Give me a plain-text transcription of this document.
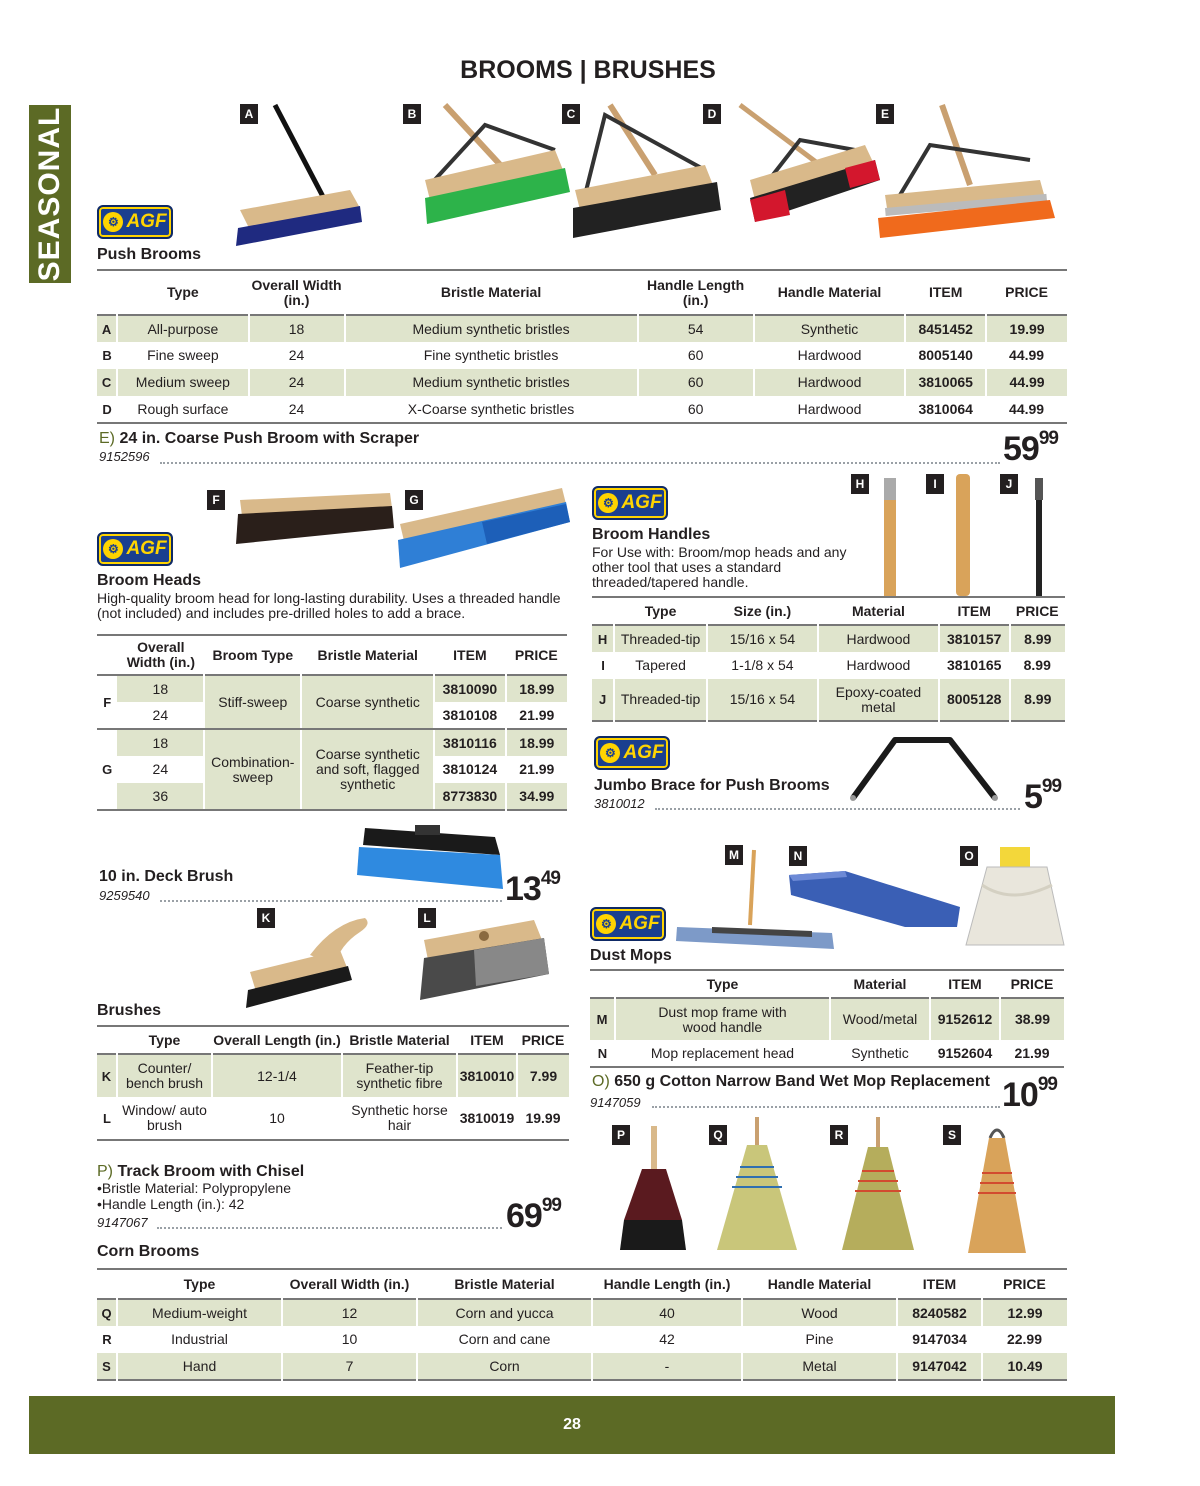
SEASONAL
BROOMS | BRUSHES
A	B	C	D	E
⚙ AGF
Push Brooms
	Type	Overall Width (in.)	Bristle Material	Handle Length (in.)	Handle Material	ITEM	PRICE
A	All-purpose	18	Medium synthetic bristles	54	Synthetic	8451452	19.99
B	Fine sweep	24	Fine synthetic bristles	60	Hardwood	8005140	44.99
C	Medium sweep	24	Medium synthetic bristles	60	Hardwood	3810065	44.99
D	Rough surface	24	X-Coarse synthetic bristles	60	Hardwood	3810064	44.99
E) 24 in. Coarse Push Broom with Scraper
9152596	$59^{99}$
F	G
⚙ AGF
Broom Heads
High-quality broom head for long-lasting durability. Uses a threaded handle (not included) and includes pre-drilled holes to add a brace.
	Overall Width (in.)	Broom Type	Bristle Material	ITEM	PRICE
F	18	Stiff-sweep	Coarse synthetic	3810090	18.99
	24			3810108	21.99
G	18	Combination-sweep	Coarse synthetic and soft, flagged synthetic	3810116	18.99
	24			3810124	21.99
	36			8773830	34.99
⚙ AGF
H	I	J
Broom Handles
For Use with: Broom/mop heads and any other tool that uses a standard threaded/tapered handle.
	Type	Size (in.)	Material	ITEM	PRICE
H	Threaded-tip	15/16 x 54	Hardwood	3810157	8.99
I	Tapered	1-1/8 x 54	Hardwood	3810165	8.99
J	Threaded-tip	15/16 x 54	Epoxy-coated metal	8005128	8.99
⚙ AGF
Jumbo Brace for Push Brooms
3810012	$5^{99}$
10 in. Deck Brush
9259540	$13^{49}$
K	L
Brushes
	Type	Overall Length (in.)	Bristle Material	ITEM	PRICE
K	Counter/ bench brush	12-1/4	Feather-tip synthetic fibre	3810010	7.99
L	Window/ auto brush	10	Synthetic horse hair	3810019	19.99
M	N	O
⚙ AGF
Dust Mops
	Type	Material	ITEM	PRICE
M	Dust mop frame with wood handle	Wood/metal	9152612	38.99
N	Mop replacement head	Synthetic	9152604	21.99
O) 650 g Cotton Narrow Band Wet Mop Replacement
9147059	$10^{99}$
P) Track Broom with Chisel
•Bristle Material: Polypropylene
•Handle Length (in.): 42
9147067	$69^{99}$
P	Q	R	S
Corn Brooms
	Type	Overall Width (in.)	Bristle Material	Handle Length (in.)	Handle Material	ITEM	PRICE
Q	Medium-weight	12	Corn and yucca	40	Wood	8240582	12.99
R	Industrial	10	Corn and cane	42	Pine	9147034	22.99
S	Hand	7	Corn	-	Metal	9147042	10.49
28
